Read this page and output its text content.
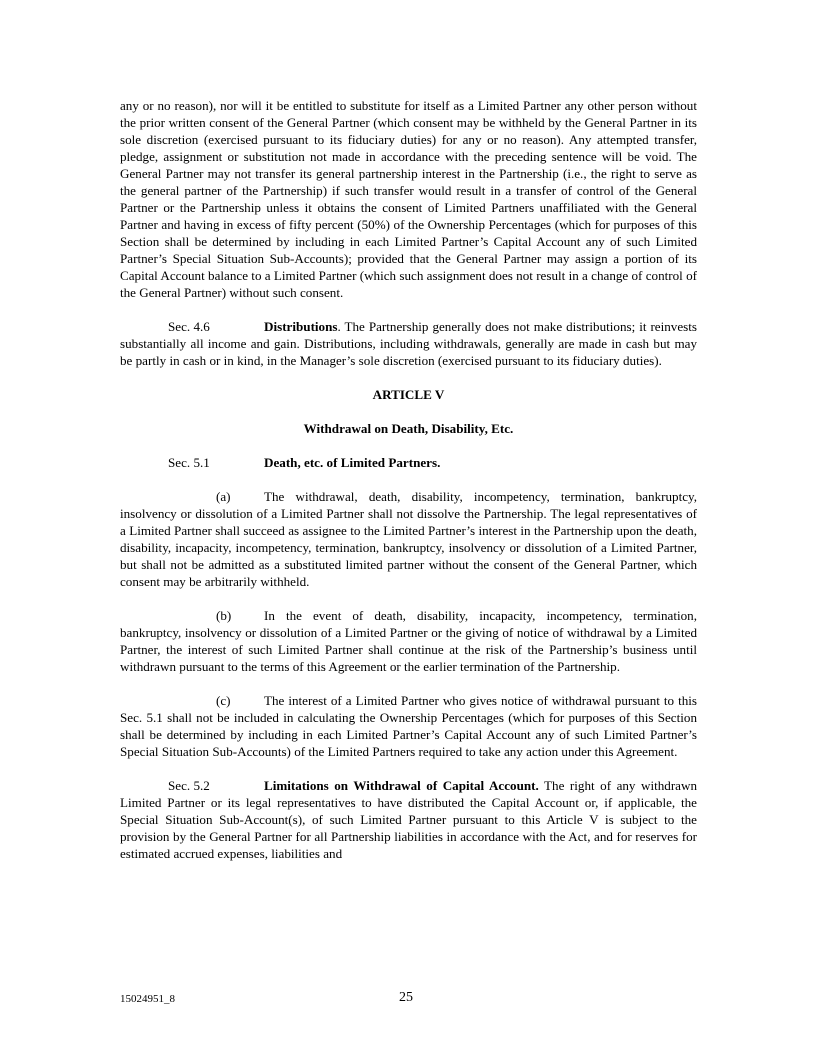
any or no reason), nor will it be entitled to substitute for itself as a Limited Partner any other person without the prior written consent of the General Partner (which consent may be withheld by the General Partner in its sole discretion (exercised pursuant to its fiduciary duties) for any or no reason). Any attempted transfer, pledge, assignment or substitution not made in accordance with the preceding sentence will be void. The General Partner may not transfer its general partnership interest in the Partnership (i.e., the right to serve as the general partner of the Partnership) if such transfer would result in a transfer of control of the General Partner or the Partnership unless it obtains the consent of Limited Partners unaffiliated with the General Partner and having in excess of fifty percent (50%) of the Ownership Percentages (which for purposes of this Section shall be determined by including in each Limited Partner’s Capital Account any of such Limited Partner’s Special Situation Sub-Accounts); provided that the General Partner may assign a portion of its Capital Account balance to a Limited Partner (which such assignment does not result in a change of control of the General Partner) without such consent.

Sec. 4.6	Distributions. The Partnership generally does not make distributions; it reinvests substantially all income and gain. Distributions, including withdrawals, generally are made in cash but may be partly in cash or in kind, in the Manager’s sole discretion (exercised pursuant to its fiduciary duties).

ARTICLE V

Withdrawal on Death, Disability, Etc.

Sec. 5.1	Death, etc. of Limited Partners.

(a)	The withdrawal, death, disability, incompetency, termination, bankruptcy, insolvency or dissolution of a Limited Partner shall not dissolve the Partnership. The legal representatives of a Limited Partner shall succeed as assignee to the Limited Partner’s interest in the Partnership upon the death, disability, incapacity, incompetency, termination, bankruptcy, insolvency or dissolution of a Limited Partner, but shall not be admitted as a substituted limited partner without the consent of the General Partner, which consent may be arbitrarily withheld.

(b) In the event of death, disability, incapacity, incompetency, termination, bankruptcy, insolvency or dissolution of a Limited Partner or the giving of notice of withdrawal by a Limited Partner, the interest of such Limited Partner shall continue at the risk of the Partnership’s business until withdrawn pursuant to the terms of this Agreement or the earlier termination of the Partnership.

(c)	The interest of a Limited Partner who gives notice of withdrawal pursuant to this Sec. 5.1 shall not be included in calculating the Ownership Percentages (which for purposes of this Section shall be determined by including in each Limited Partner’s Capital Account any of such Limited Partner’s Special Situation Sub-Accounts) of the Limited Partners required to take any action under this Agreement.

Sec. 5.2	Limitations on Withdrawal of Capital Account. The right of any withdrawn Limited Partner or its legal representatives to have distributed the Capital Account or, if applicable, the Special Situation Sub-Account(s), of such Limited Partner pursuant to this Article V is subject to the provision by the General Partner for all Partnership liabilities in accordance with the Act, and for reserves for estimated accrued expenses, liabilities and

15024951_8	25
